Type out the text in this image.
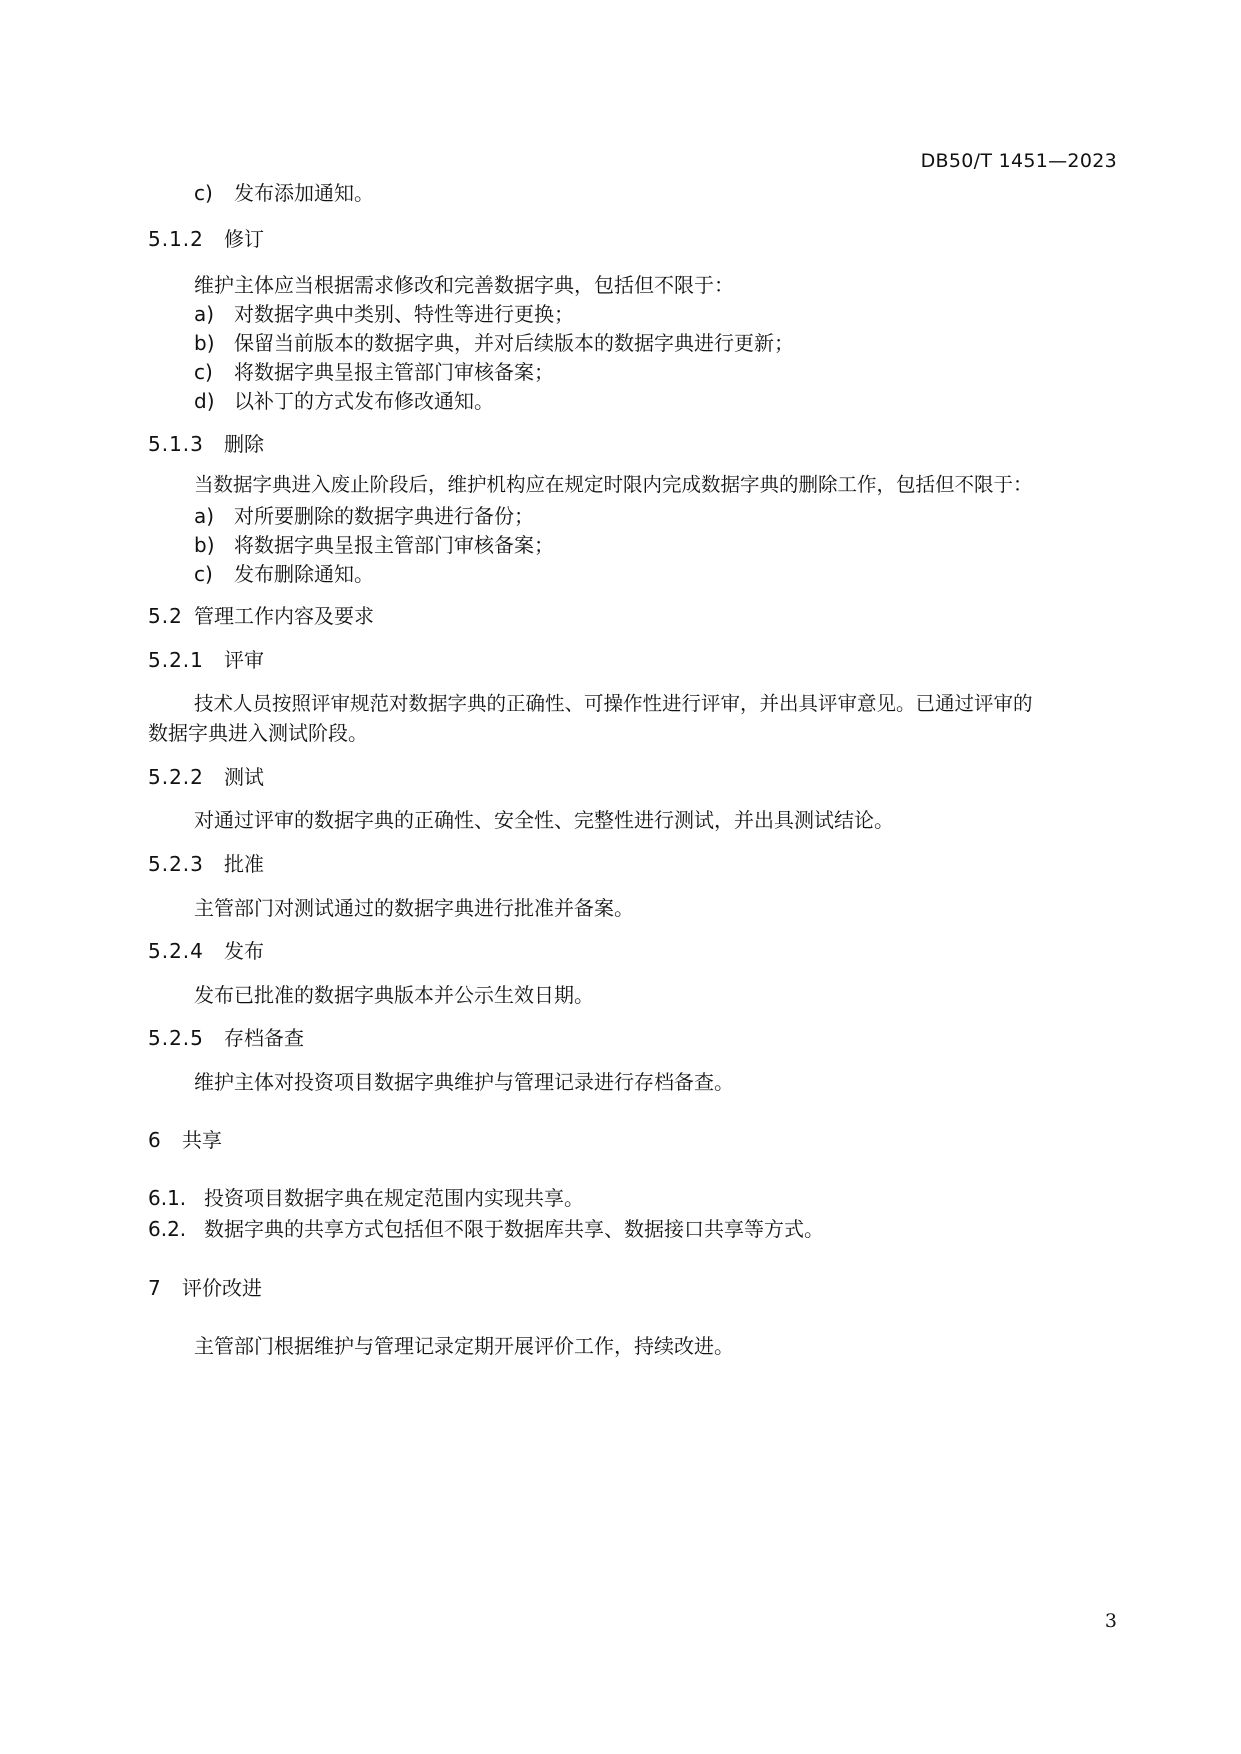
DB50/T 1451—2023
c) 发布添加通知。
5.1.2 修订
维护主体应当根据需求修改和完善数据字典，包括但不限于：
a) 对数据字典中类别、特性等进行更换；
b) 保留当前版本的数据字典，并对后续版本的数据字典进行更新；
c) 将数据字典呈报主管部门审核备案；
d) 以补丁的方式发布修改通知。
5.1.3 删除
当数据字典进入废止阶段后，维护机构应在规定时限内完成数据字典的删除工作，包括但不限于：
a) 对所要删除的数据字典进行备份；
b) 将数据字典呈报主管部门审核备案；
c) 发布删除通知。
5.2 管理工作内容及要求
5.2.1 评审
技术人员按照评审规范对数据字典的正确性、可操作性进行评审，并出具评审意见。已通过评审的
数据字典进入测试阶段。
5.2.2 测试
对通过评审的数据字典的正确性、安全性、完整性进行测试，并出具测试结论。
5.2.3 批准
主管部门对测试通过的数据字典进行批准并备案。
5.2.4 发布
发布已批准的数据字典版本并公示生效日期。
5.2.5 存档备查
维护主体对投资项目数据字典维护与管理记录进行存档备查。
6 共享
6.1. 投资项目数据字典在规定范围内实现共享。
6.2. 数据字典的共享方式包括但不限于数据库共享、数据接口共享等方式。
7 评价改进
主管部门根据维护与管理记录定期开展评价工作，持续改进。
3
